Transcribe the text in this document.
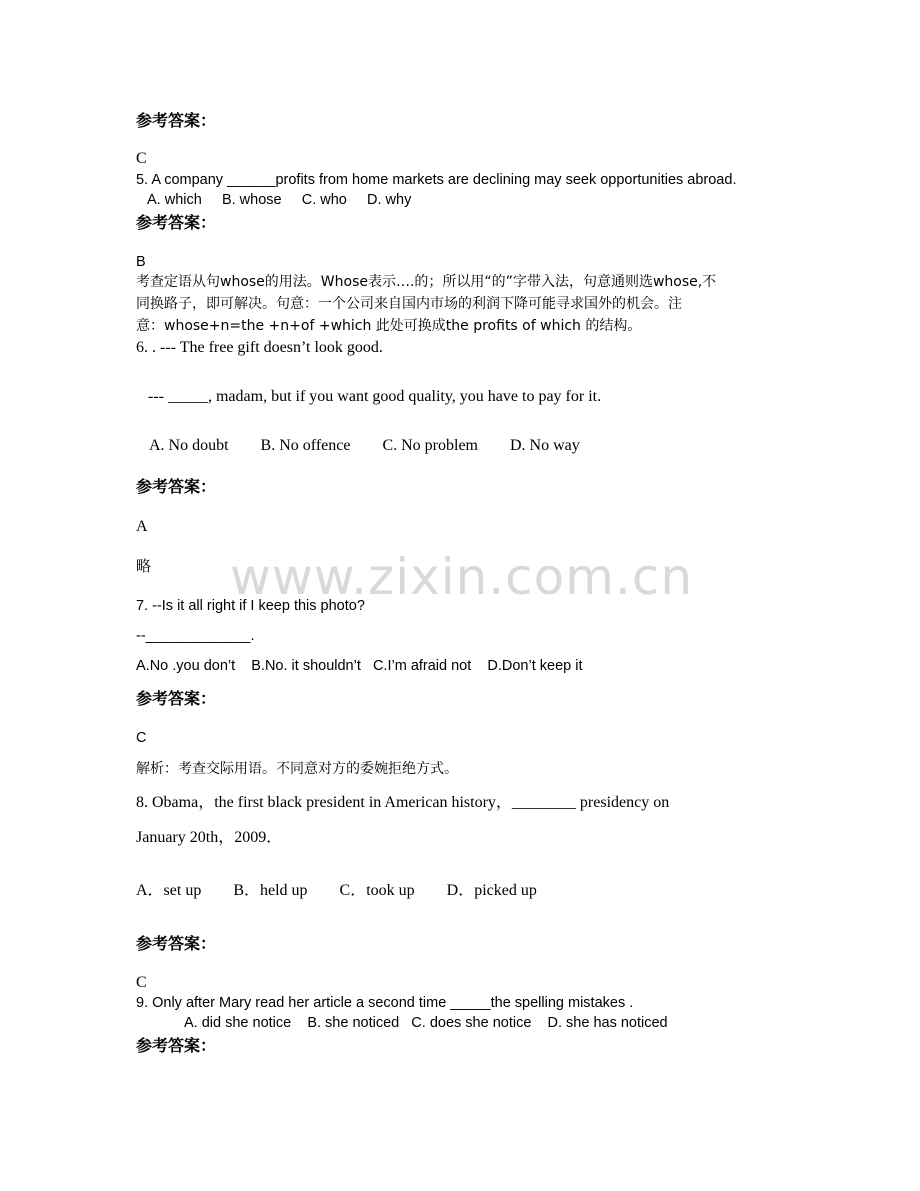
www.zixin.com.cn
参考答案：
C
5. A company ______profits from home markets are declining may seek opportunities abroad.
A. which     B. whose     C. who     D. why
参考答案：
B
考查定语从句whose的用法。Whose表示….的；所以用“的”字带入法，句意通则选whose,不
同换路子，即可解决。句意：一个公司来自国内市场的利润下降可能寻求国外的机会。注
意：whose+n=the +n+of +which 此处可换成the profits of which 的结构。
6. . --- The free gift doesn’t look good.
--- _____, madam, but if you want good quality, you have to pay for it.
A. No doubt        B. No offence        C. No problem        D. No way
参考答案：
A
略
7. --Is it all right if I keep this photo?
--_____________.
A.No .you don’t    B.No. it shouldn’t   C.I’m afraid not    D.Don’t keep it
参考答案：
C
解析：考查交际用语。不同意对方的委婉拒绝方式。
8. Obama，the first black president in American history，________ presidency on
January 20th，2009．
A．set up        B．held up        C．took up        D．picked up
参考答案：
C
9. Only after Mary read her article a second time _____the spelling mistakes .
A. did she notice    B. she noticed   C. does she notice    D. she has noticed
参考答案：
